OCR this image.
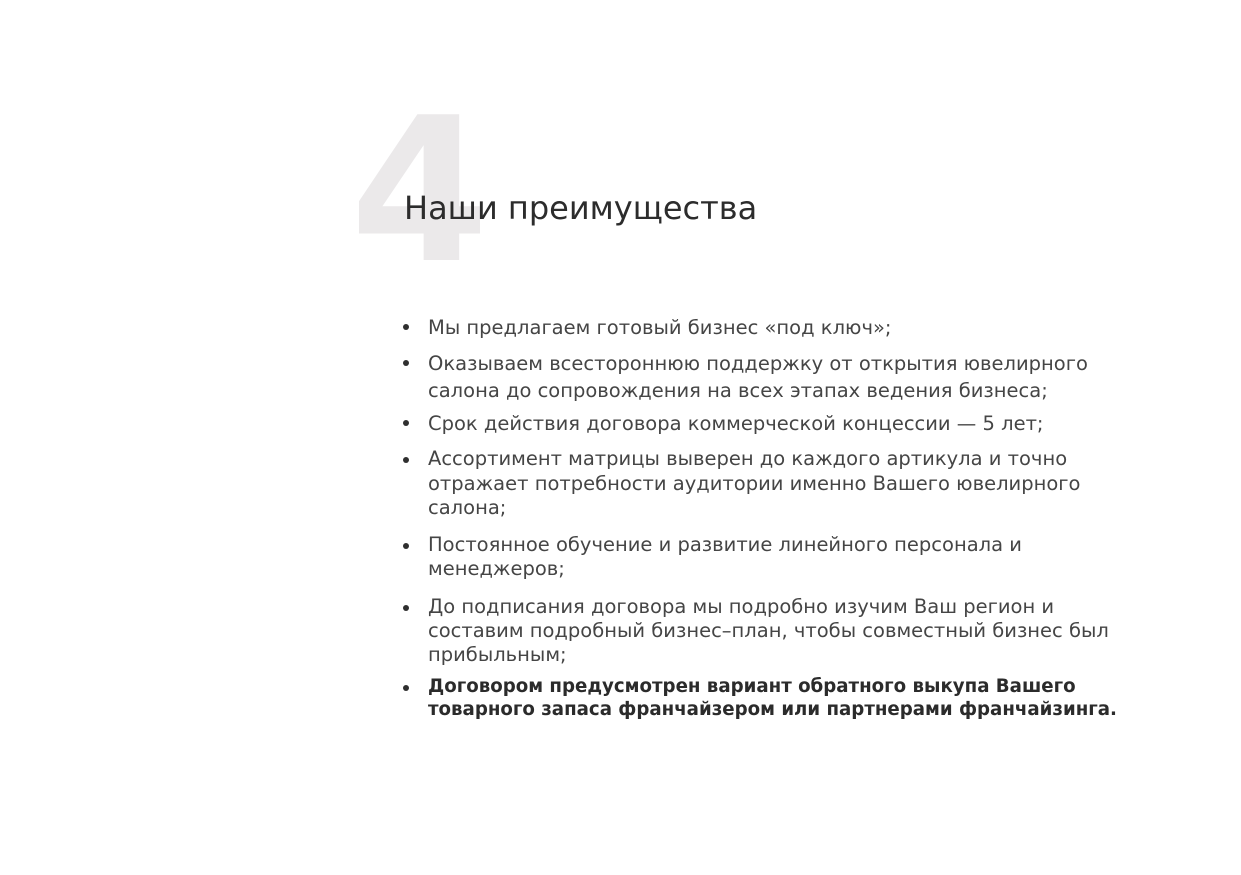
4
Наши преимущества
Мы предлагаем готовый бизнес «под ключ»;
Оказываем всестороннюю поддержку от открытия ювелирного
салона до сопровождения на всех этапах ведения бизнеса;
Срок действия договора коммерческой концессии — 5 лет;
Ассортимент матрицы выверен до каждого артикула и точно
отражает потребности аудитории именно Вашего ювелирного
салона;
Постоянное обучение и развитие линейного персонала и
менеджеров;
До подписания договора мы подробно изучим Ваш регион и
составим подробный бизнес–план, чтобы совместный бизнес был
прибыльным;
Договором предусмотрен вариант обратного выкупа Вашего
товарного запаса франчайзером или партнерами франчайзинга.
